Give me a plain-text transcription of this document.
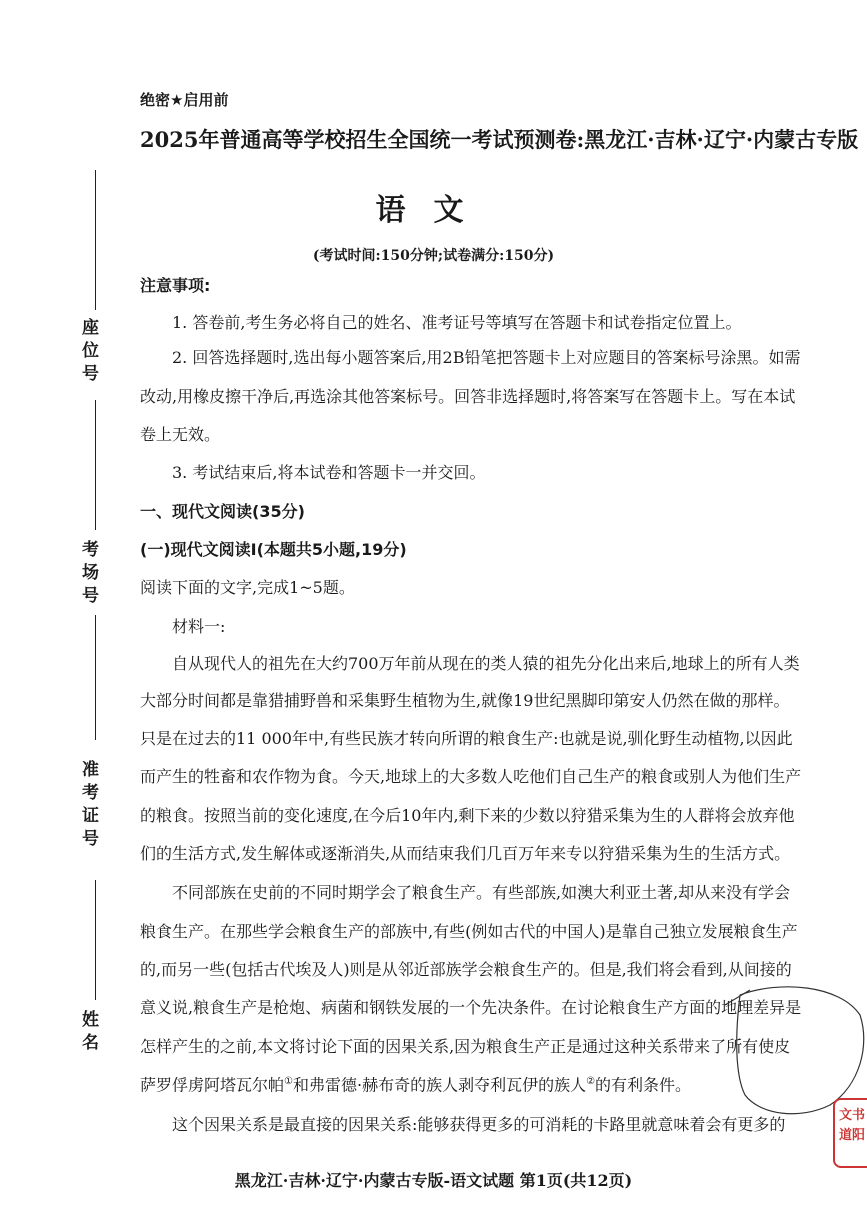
座位号
考场号
准考证号
姓名
绝密★启用前
2025年普通高等学校招生全国统一考试预测卷:黑龙江·吉林·辽宁·内蒙古专版
语文
(考试时间:150分钟;试卷满分:150分)
注意事项:
1. 答卷前,考生务必将自己的姓名、准考证号等填写在答题卡和试卷指定位置上。
2. 回答选择题时,选出每小题答案后,用2B铅笔把答题卡上对应题目的答案标号涂黑。如需
改动,用橡皮擦干净后,再选涂其他答案标号。回答非选择题时,将答案写在答题卡上。写在本试
卷上无效。
3. 考试结束后,将本试卷和答题卡一并交回。
一、现代文阅读(35分)
(一)现代文阅读Ⅰ(本题共5小题,19分)
阅读下面的文字,完成1~5题。
材料一:
自从现代人的祖先在大约700万年前从现在的类人猿的祖先分化出来后,地球上的所有人类
大部分时间都是靠猎捕野兽和采集野生植物为生,就像19世纪黑脚印第安人仍然在做的那样。
只是在过去的11 000年中,有些民族才转向所谓的粮食生产:也就是说,驯化野生动植物,以因此
而产生的牲畜和农作物为食。今天,地球上的大多数人吃他们自己生产的粮食或别人为他们生产
的粮食。按照当前的变化速度,在今后10年内,剩下来的少数以狩猎采集为生的人群将会放弃他
们的生活方式,发生解体或逐渐消失,从而结束我们几百万年来专以狩猎采集为生的生活方式。
不同部族在史前的不同时期学会了粮食生产。有些部族,如澳大利亚土著,却从来没有学会
粮食生产。在那些学会粮食生产的部族中,有些(例如古代的中国人)是靠自己独立发展粮食生产
的,而另一些(包括古代埃及人)则是从邻近部族学会粮食生产的。但是,我们将会看到,从间接的
意义说,粮食生产是枪炮、病菌和钢铁发展的一个先决条件。在讨论粮食生产方面的地理差异是
怎样产生的之前,本文将讨论下面的因果关系,因为粮食生产正是通过这种关系带来了所有使皮
萨罗俘虏阿塔瓦尔帕①和弗雷德·赫布奇的族人剥夺利瓦伊的族人②的有利条件。
这个因果关系是最直接的因果关系:能够获得更多的可消耗的卡路里就意味着会有更多的	文书
道阳
黑龙江·吉林·辽宁·内蒙古专版-语文试题 第1页(共12页)
